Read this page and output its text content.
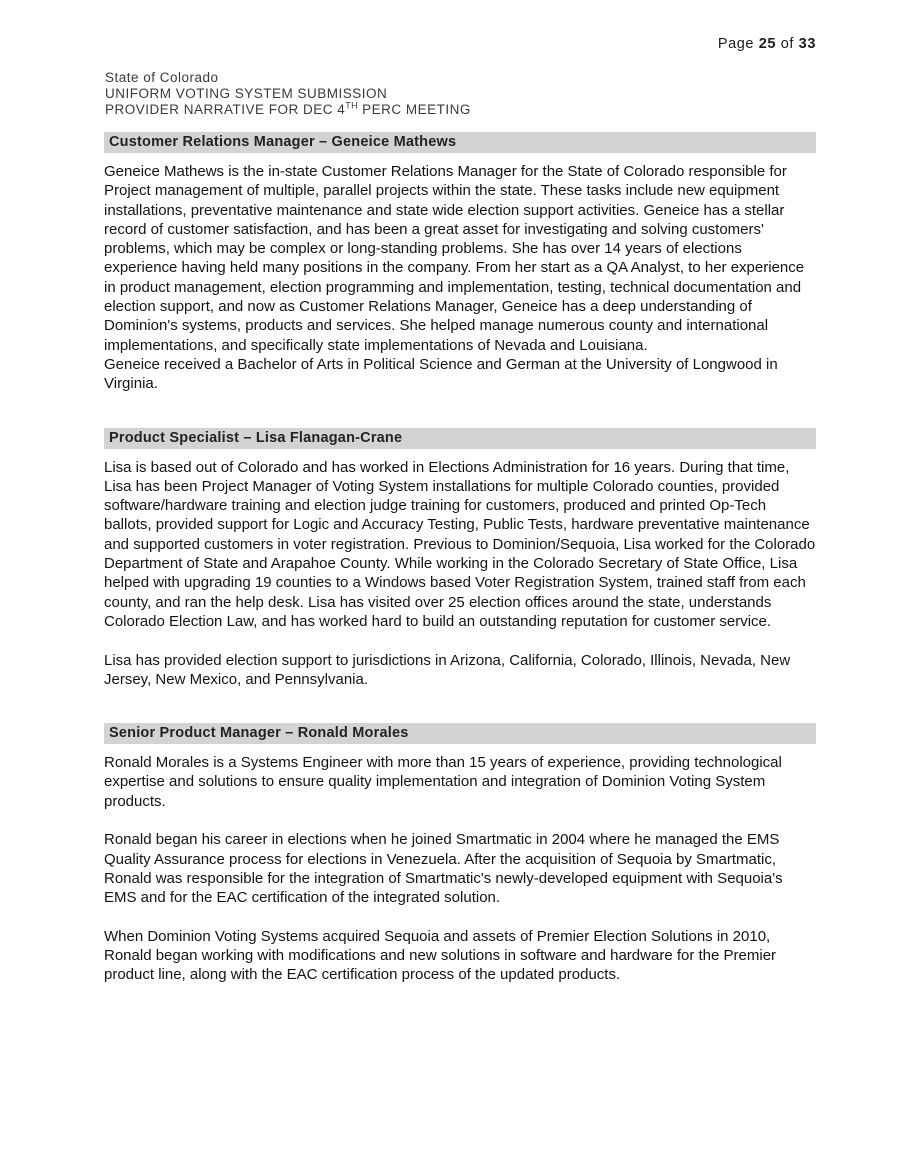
Page 25 of 33
State of Colorado
UNIFORM VOTING SYSTEM SUBMISSION
PROVIDER NARRATIVE FOR DEC 4TH PERC MEETING
Customer Relations Manager – Geneice Mathews

Geneice Mathews is the in-state Customer Relations Manager for the State of Colorado responsible for Project management of multiple, parallel projects within the state. These tasks include new equipment installations, preventative maintenance and state wide election support activities. Geneice has a stellar record of customer satisfaction, and has been a great asset for investigating and solving customers' problems, which may be complex or long-standing problems. She has over 14 years of elections experience having held many positions in the company. From her start as a QA Analyst, to her experience in product management, election programming and implementation, testing, technical documentation and election support, and now as Customer Relations Manager, Geneice has a deep understanding of Dominion's systems, products and services. She helped manage numerous county and international implementations, and specifically state implementations of Nevada and Louisiana.

Geneice received a Bachelor of Arts in Political Science and German at the University of Longwood in Virginia.

Product Specialist – Lisa Flanagan-Crane

Lisa is based out of Colorado and has worked in Elections Administration for 16 years. During that time, Lisa has been Project Manager of Voting System installations for multiple Colorado counties, provided software/hardware training and election judge training for customers, produced and printed Op-Tech ballots, provided support for Logic and Accuracy Testing, Public Tests, hardware preventative maintenance and supported customers in voter registration. Previous to Dominion/Sequoia, Lisa worked for the Colorado Department of State and Arapahoe County. While working in the Colorado Secretary of State Office, Lisa helped with upgrading 19 counties to a Windows based Voter Registration System, trained staff from each county, and ran the help desk. Lisa has visited over 25 election offices around the state, understands Colorado Election Law, and has worked hard to build an outstanding reputation for customer service.

Lisa has provided election support to jurisdictions in Arizona, California, Colorado, Illinois, Nevada, New Jersey, New Mexico, and Pennsylvania.

Senior Product Manager – Ronald Morales

Ronald Morales is a Systems Engineer with more than 15 years of experience, providing technological expertise and solutions to ensure quality implementation and integration of Dominion Voting System products.

Ronald began his career in elections when he joined Smartmatic in 2004 where he managed the EMS Quality Assurance process for elections in Venezuela. After the acquisition of Sequoia by Smartmatic, Ronald was responsible for the integration of Smartmatic's newly-developed equipment with Sequoia's EMS and for the EAC certification of the integrated solution.

When Dominion Voting Systems acquired Sequoia and assets of Premier Election Solutions in 2010, Ronald began working with modifications and new solutions in software and hardware for the Premier product line, along with the EAC certification process of the updated products.
